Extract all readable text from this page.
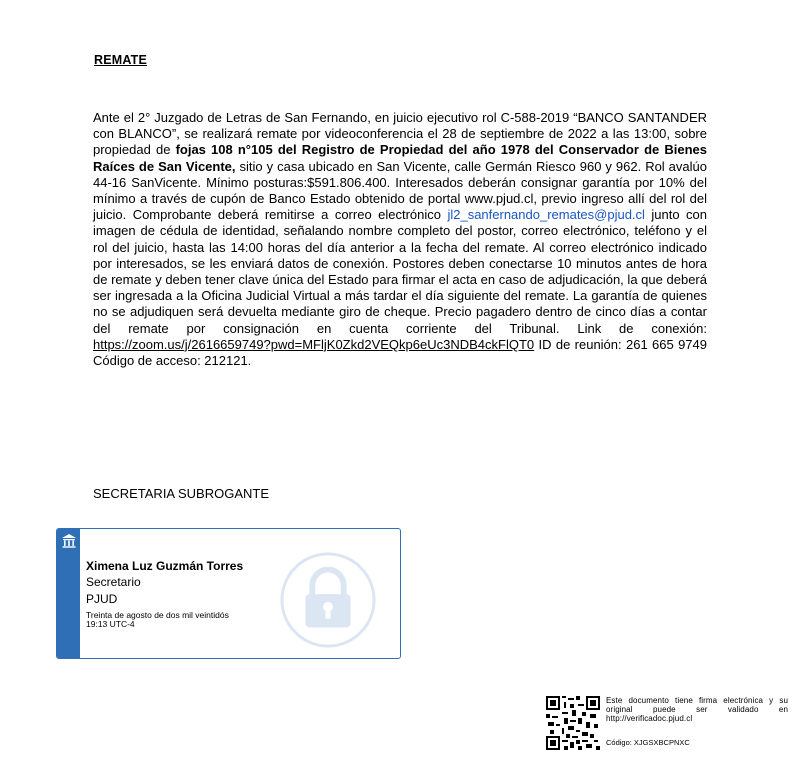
REMATE
Ante el 2° Juzgado de Letras de San Fernando, en juicio ejecutivo rol C-588-2019 “BANCO SANTANDER con BLANCO”, se realizará remate por videoconferencia el 28 de septiembre de 2022 a las 13:00, sobre propiedad de fojas 108 n°105 del Registro de Propiedad del año 1978 del Conservador de Bienes Raíces de San Vicente, sitio y casa ubicado en San Vicente, calle Germán Riesco 960 y 962. Rol avalúo 44-16 SanVicente. Mínimo posturas:$591.806.400. Interesados deberán consignar garantía por 10% del mínimo a través de cupón de Banco Estado obtenido de portal www.pjud.cl, previo ingreso allí del rol del juicio. Comprobante deberá remitirse a correo electrónico jl2_sanfernando_remates@pjud.cl junto con imagen de cédula de identidad, señalando nombre completo del postor, correo electrónico, teléfono y el rol del juicio, hasta las 14:00 horas del día anterior a la fecha del remate. Al correo electrónico indicado por interesados, se les enviará datos de conexión. Postores deben conectarse 10 minutos antes de hora de remate y deben tener clave única del Estado para firmar el acta en caso de adjudicación, la que deberá ser ingresada a la Oficina Judicial Virtual a más tardar el día siguiente del remate. La garantía de quienes no se adjudiquen será devuelta mediante giro de cheque. Precio pagadero dentro de cinco días a contar del remate por consignación en cuenta corriente del Tribunal. Link de conexión: https://zoom.us/j/2616659749?pwd=MFljK0Zkd2VEQkp6eUc3NDB4ckFlQT0 ID de reunión: 261 665 9749 Código de acceso: 212121.
SECRETARIA SUBROGANTE
Ximena Luz Guzmán Torres
Secretario
PJUD
Treinta de agosto de dos mil veintidós
19:13 UTC-4
Este documento tiene firma electrónica y su original puede ser validado en http://verificadoc.pjud.cl
Código: XJGSXBCPNXC
